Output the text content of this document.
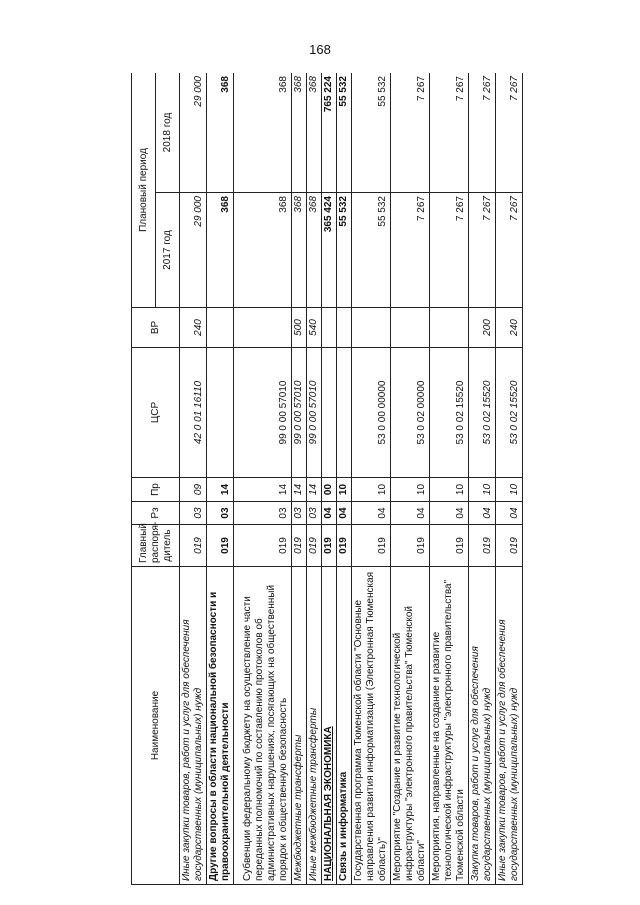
168
Наименование	Главный распоря-дитель	Рз	Пр	ЦСР	ВР	Плановый период	
						2017 год	2018 год
Иные закупки товаров, работ и услуг для обеспечения государственных (муниципальных) нужд	019	03	09	42 0 01 16110	240	29 000	29 000
Другие вопросы в области национальной безопасности и правоохранительной деятельности	019	03	14			368	368
Субвенции федеральному бюджету на осуществление части переданных полномочий по составлению протоколов об административных нарушениях, посягающих на общественный порядок и общественную безопасность	019	03	14	99 0 00 57010		368	368
Межбюджетные трансферты	019	03	14	99 0 00 57010	500	368	368
Иные межбюджетные трансферты	019	03	14	99 0 00 57010	540	368	368
НАЦИОНАЛЬНАЯ ЭКОНОМИКА	019	04	00			365 424	765 224
Связь и информатика	019	04	10			55 532	55 532
Государственная программа Тюменской области "Основные направления развития информатизации (Электронная Тюменская область)"	019	04	10	53 0 00 00000		55 532	55 532
Мероприятие "Создание и развитие технологической инфраструктуры "электронного правительства" Тюменской области"	019	04	10	53 0 02 00000		7 267	7 267
Мероприятия, направленные на создание и развитие технологической инфраструктуры "электронного правительства" Тюменской области	019	04	10	53 0 02 15520		7 267	7 267
Закупка товаров, работ и услуг для обеспечения государственных (муниципальных) нужд	019	04	10	53 0 02 15520	200	7 267	7 267
Иные закупки товаров, работ и услуг для обеспечения государственных (муниципальных) нужд	019	04	10	53 0 02 15520	240	7 267	7 267
